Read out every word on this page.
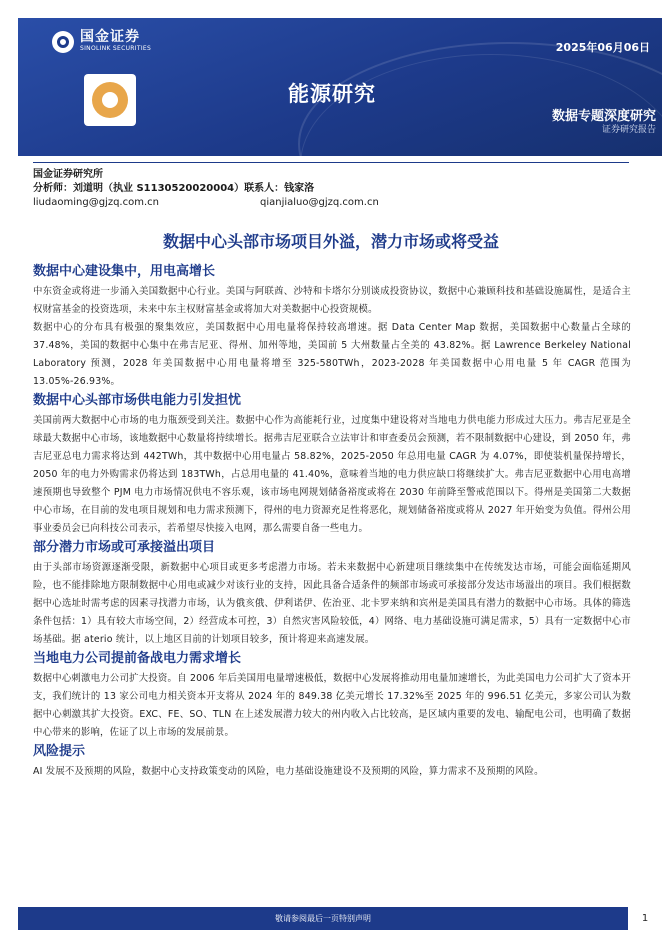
国金证券
SINOLINK SECURITIES	2025年06月06日
能源研究
数据专题深度研究
证券研究报告
国金证券研究所
分析师：刘道明（执业 S1130520020004）联系人：钱家洛
liudaoming@gjzq.com.cn	qianjialuo@gjzq.com.cn
数据中心头部市场项目外溢，潜力市场或将受益
数据中心建设集中，用电高增长

中东资金或将进一步涌入美国数据中心行业。美国与阿联酋、沙特和卡塔尔分别谈成投资协议，数据中心兼顾科技和基础设施属性，是适合主权财富基金的投资选项，未来中东主权财富基金或将加大对美数据中心投资规模。

数据中心的分布具有极强的聚集效应，美国数据中心用电量将保持较高增速。据 Data Center Map 数据，美国数据中心数量占全球的 37.48%，美国的数据中心集中在弗吉尼亚、得州、加州等地，美国前 5 大州数量占全美的 43.82%。据 Lawrence Berkeley National Laboratory 预测，2028 年美国数据中心用电量将增至 325-580TWh，2023-2028 年美国数据中心用电量 5 年 CAGR 范围为 13.05%-26.93%。

数据中心头部市场供电能力引发担忧

美国前两大数据中心市场的电力瓶颈受到关注。数据中心作为高能耗行业，过度集中建设将对当地电力供电能力形成过大压力。弗吉尼亚是全球最大数据中心市场，该地数据中心数量将持续增长。据弗吉尼亚联合立法审计和审查委员会预测，若不限制数据中心建设，到 2050 年，弗吉尼亚总电力需求将达到 442TWh，其中数据中心用电量占 58.82%，2025-2050 年总用电量 CAGR 为 4.07%，即使装机量保持增长，2050 年的电力外购需求仍将达到 183TWh，占总用电量的 41.40%，意味着当地的电力供应缺口将继续扩大。弗吉尼亚数据中心用电高增速预期也导致整个 PJM 电力市场情况供电不容乐观，该市场电网规划储备裕度或将在 2030 年前降至警戒范围以下。得州是美国第二大数据中心市场，在目前的发电项目规划和电力需求预测下，得州的电力资源充足性将恶化，规划储备裕度或将从 2027 年开始变为负值。得州公用事业委员会已向科技公司表示，若希望尽快接入电网，那么需要自备一些电力。

部分潜力市场或可承接溢出项目

由于头部市场资源逐渐受限，新数据中心项目或更多考虑潜力市场。若未来数据中心新建项目继续集中在传统发达市场，可能会面临延期风险，也不能排除地方限制数据中心用电或减少对该行业的支持，因此具备合适条件的频部市场或可承接部分发达市场溢出的项目。我们根据数据中心选址时需考虑的因素寻找潜力市场，认为俄亥俄、伊利诺伊、佐治亚、北卡罗来纳和宾州是美国具有潜力的数据中心市场。具体的筛选条件包括：1）具有较大市场空间，2）经营成本可控，3）自然灾害风险较低，4）网络、电力基础设施可满足需求，5）具有一定数据中心市场基础。据 aterio 统计，以上地区目前的计划项目较多，预计将迎来高速发展。

当地电力公司提前备战电力需求增长

数据中心刺激电力公司扩大投资。自 2006 年后美国用电量增速极低，数据中心发展将推动用电量加速增长，为此美国电力公司扩大了资本开支，我们统计的 13 家公司电力相关资本开支将从 2024 年的 849.38 亿美元增长 17.32%至 2025 年的 996.51 亿美元，多家公司认为数据中心刺激其扩大投资。EXC、FE、SO、TLN 在上述发展潜力较大的州内收入占比较高，是区域内重要的发电、输配电公司，也明确了数据中心带来的影响，佐证了以上市场的发展前景。

风险提示

AI 发展不及预期的风险，数据中心支持政策变动的风险，电力基础设施建设不及预期的风险，算力需求不及预期的风险。

敬请参阅最后一页特别声明	1
